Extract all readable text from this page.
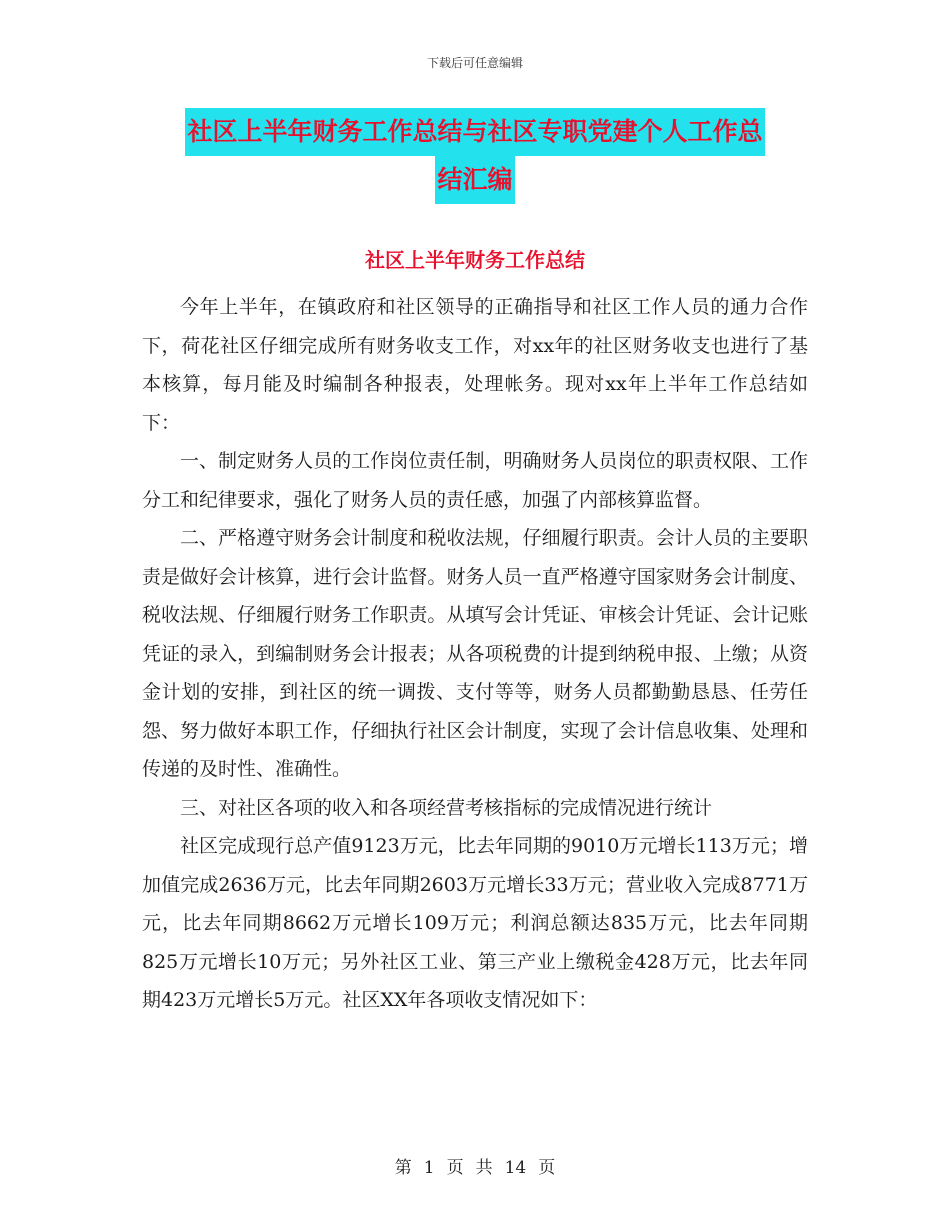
下载后可任意编辑
社区上半年财务工作总结与社区专职党建个人工作总
结汇编
社区上半年财务工作总结

今年上半年，在镇政府和社区领导的正确指导和社区工作人员的通力合作下，荷花社区仔细完成所有财务收支工作，对xx年的社区财务收支也进行了基本核算，每月能及时编制各种报表，处理帐务。现对xx年上半年工作总结如下：

一、制定财务人员的工作岗位责任制，明确财务人员岗位的职责权限、工作分工和纪律要求，强化了财务人员的责任感，加强了内部核算监督。

二、严格遵守财务会计制度和税收法规，仔细履行职责。会计人员的主要职责是做好会计核算，进行会计监督。财务人员一直严格遵守国家财务会计制度、税收法规、仔细履行财务工作职责。从填写会计凭证、审核会计凭证、会计记账凭证的录入，到编制财务会计报表；从各项税费的计提到纳税申报、上缴；从资金计划的安排，到社区的统一调拨、支付等等，财务人员都勤勤恳恳、任劳任怨、努力做好本职工作，仔细执行社区会计制度，实现了会计信息收集、处理和传递的及时性、准确性。

三、对社区各项的收入和各项经营考核指标的完成情况进行统计

社区完成现行总产值9123万元，比去年同期的9010万元增长113万元；增加值完成2636万元，比去年同期2603万元增长33万元；营业收入完成8771万元，比去年同期8662万元增长109万元；利润总额达835万元，比去年同期825万元增长10万元；另外社区工业、第三产业上缴税金428万元，比去年同期423万元增长5万元。社区XX年各项收支情况如下：

第 1 页 共 14 页
